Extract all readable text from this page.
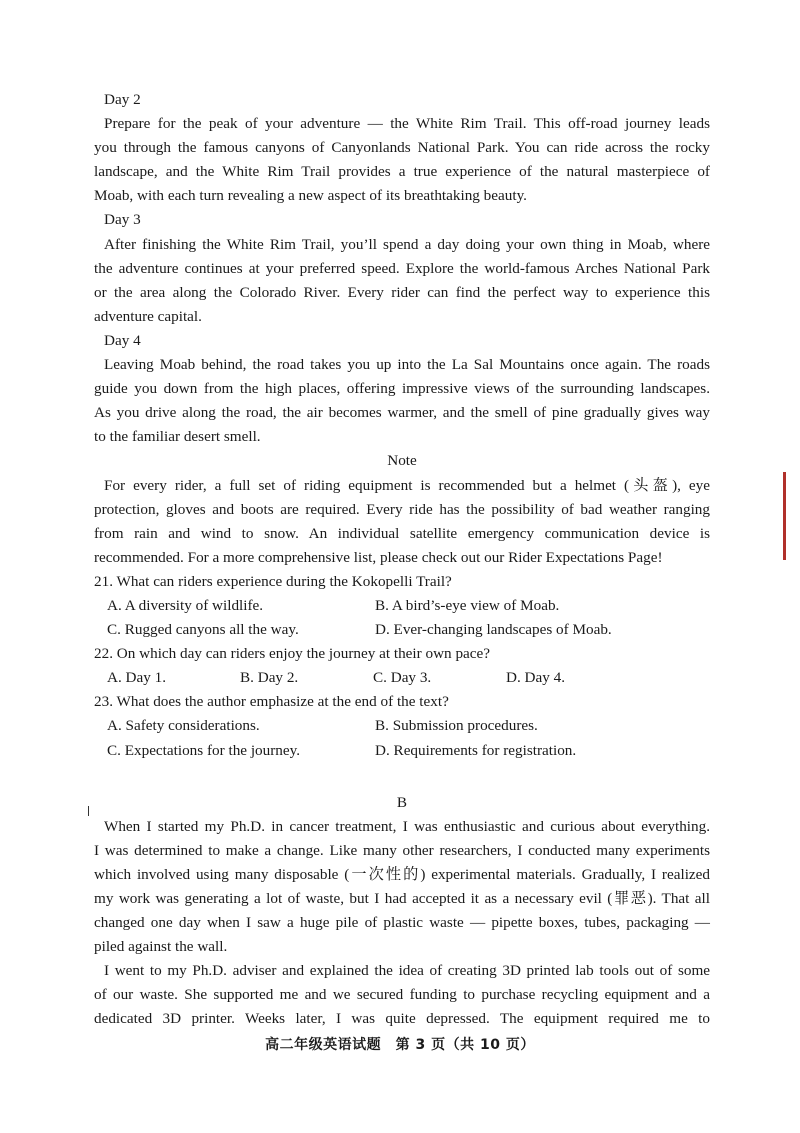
Day 2
Prepare for the peak of your adventure — the White Rim Trail. This off-road journey leads
you through the famous canyons of Canyonlands National Park. You can ride across the rocky
landscape, and the White Rim Trail provides a true experience of the natural masterpiece of
Moab, with each turn revealing a new aspect of its breathtaking beauty.
Day 3
After finishing the White Rim Trail, you’ll spend a day doing your own thing in Moab, where
the adventure continues at your preferred speed. Explore the world-famous Arches National Park
or the area along the Colorado River. Every rider can find the perfect way to experience this
adventure capital.
Day 4
Leaving Moab behind, the road takes you up into the La Sal Mountains once again. The roads
guide you down from the high places, offering impressive views of the surrounding landscapes.
As you drive along the road, the air becomes warmer, and the smell of pine gradually gives way
to the familiar desert smell.
Note
For every rider, a full set of riding equipment is recommended but a helmet (头盔), eye
protection, gloves and boots are required. Every ride has the possibility of bad weather ranging
from rain and wind to snow. An individual satellite emergency communication device is
recommended. For a more comprehensive list, please check out our Rider Expectations Page!
21. What can riders experience during the Kokopelli Trail?
A. A diversity of wildlife.	B. A bird’s-eye view of Moab.
C. Rugged canyons all the way.	D. Ever-changing landscapes of Moab.
22. On which day can riders enjoy the journey at their own pace?
A. Day 1.	B. Day 2.	C. Day 3.	D. Day 4.
23. What does the author emphasize at the end of the text?
A. Safety considerations.	B. Submission procedures.
C. Expectations for the journey.	D. Requirements for registration.
B
When I started my Ph.D. in cancer treatment, I was enthusiastic and curious about everything.
I was determined to make a change. Like many other researchers, I conducted many experiments
which involved using many disposable (一次性的) experimental materials. Gradually, I realized
my work was generating a lot of waste, but I had accepted it as a necessary evil (罪恶). That all
changed one day when I saw a huge pile of plastic waste — pipette boxes, tubes, packaging —
piled against the wall.
I went to my Ph.D. adviser and explained the idea of creating 3D printed lab tools out of some
of our waste. She supported me and we secured funding to purchase recycling equipment and a
dedicated 3D printer. Weeks later, I was quite depressed. The equipment required me to
高二年级英语试题　第 3 页（共 10 页）
